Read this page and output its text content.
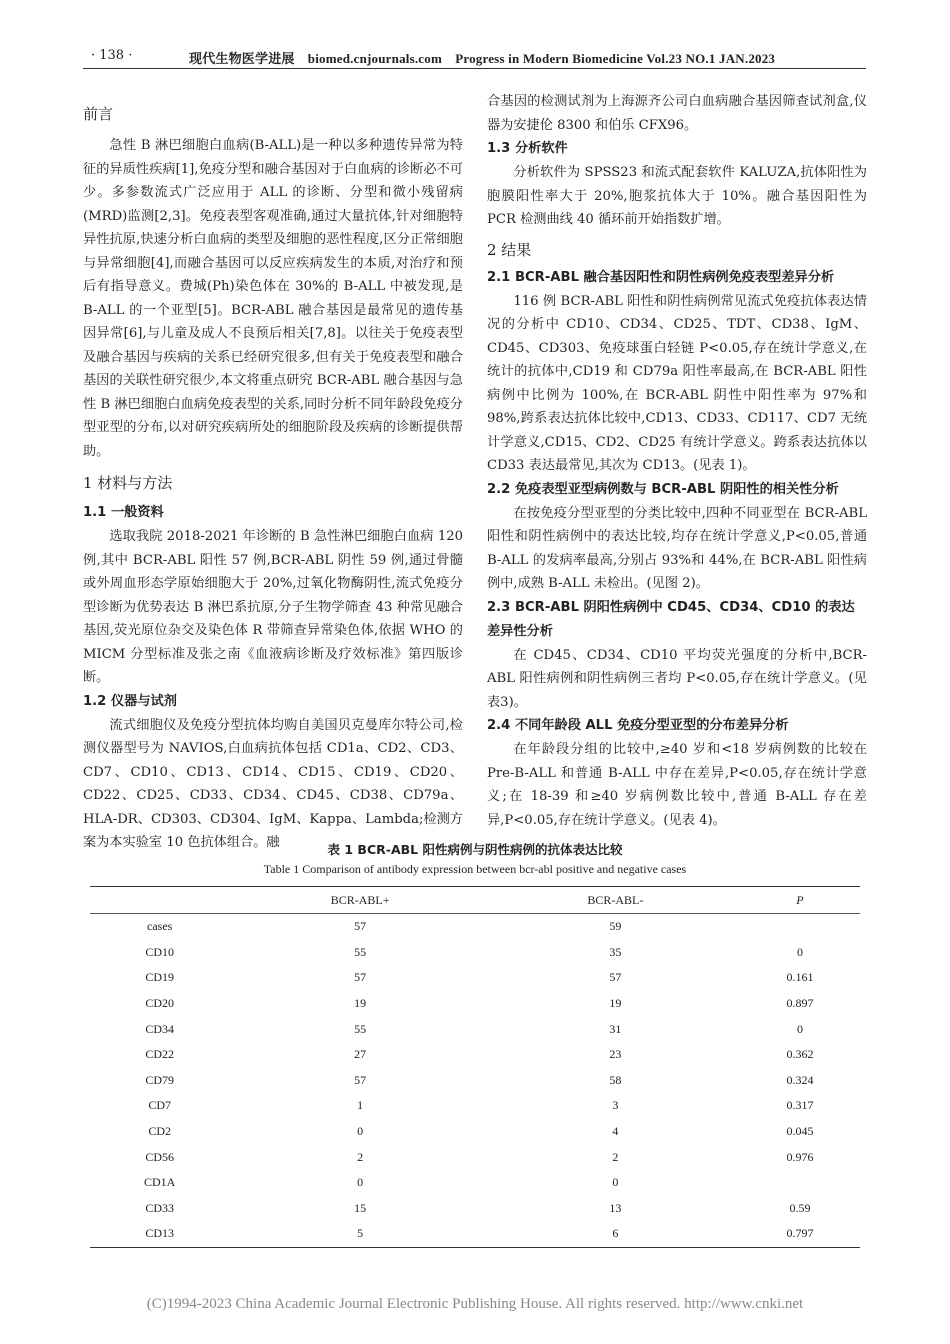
· 138 ·	现代生物医学进展　biomed.cnjournals.com　Progress in Modern Biomedicine Vol.23 NO.1 JAN.2023
前言

急性 B 淋巴细胞白血病(B-ALL)是一种以多种遗传异常为特征的异质性疾病[1],免疫分型和融合基因对于白血病的诊断必不可少。多参数流式广泛应用于 ALL 的诊断、分型和微小残留病(MRD)监测[2,3]。免疫表型客观准确,通过大量抗体,针对细胞特异性抗原,快速分析白血病的类型及细胞的恶性程度,区分正常细胞与异常细胞[4],而融合基因可以反应疾病发生的本质,对治疗和预后有指导意义。费城(Ph)染色体在 30%的 B-ALL 中被发现,是 B-ALL 的一个亚型[5]。BCR-ABL 融合基因是最常见的遗传基因异常[6],与儿童及成人不良预后相关[7,8]。以往关于免疫表型及融合基因与疾病的关系已经研究很多,但有关于免疫表型和融合基因的关联性研究很少,本文将重点研究 BCR-ABL 融合基因与急性 B 淋巴细胞白血病免疫表型的关系,同时分析不同年龄段免疫分型亚型的分布,以对研究疾病所处的细胞阶段及疾病的诊断提供帮助。

1 材料与方法
1.1 一般资料

选取我院 2018-2021 年诊断的 B 急性淋巴细胞白血病 120 例,其中 BCR-ABL 阳性 57 例,BCR-ABL 阴性 59 例,通过骨髓或外周血形态学原始细胞大于 20%,过氧化物酶阴性,流式免疫分型诊断为优势表达 B 淋巴系抗原,分子生物学筛查 43 种常见融合基因,荧光原位杂交及染色体 R 带筛查异常染色体,依据 WHO 的 MICM 分型标准及张之南《血液病诊断及疗效标准》第四版诊断。

1.2 仪器与试剂

流式细胞仪及免疫分型抗体均购自美国贝克曼库尔特公司,检测仪器型号为 NAVIOS,白血病抗体包括 CD1a、CD2、CD3、CD7、CD10、CD13、CD14、CD15、CD19、CD20、CD22、CD25、CD33、CD34、CD45、CD38、CD79a、HLA-DR、CD303、CD304、IgM、Kappa、Lambda;检测方案为本实验室 10 色抗体组合。融

合基因的检测试剂为上海源齐公司白血病融合基因筛查试剂盒,仪器为安捷伦 8300 和伯乐 CFX96。

1.3 分析软件

分析软件为 SPSS23 和流式配套软件 KALUZA,抗体阳性为胞膜阳性率大于 20%,胞浆抗体大于 10%。融合基因阳性为 PCR 检测曲线 40 循环前开始指数扩增。

2 结果
2.1 BCR-ABL 融合基因阳性和阴性病例免疫表型差异分析

116 例 BCR-ABL 阳性和阴性病例常见流式免疫抗体表达情况的分析中 CD10、CD34、CD25、TDT、CD38、IgM、CD45、CD303、免疫球蛋白轻链 P<0.05,存在统计学意义,在统计的抗体中,CD19 和 CD79a 阳性率最高,在 BCR-ABL 阳性病例中比例为 100%,在 BCR-ABL 阴性中阳性率为 97%和 98%,跨系表达抗体比较中,CD13、CD33、CD117、CD7 无统计学意义,CD15、CD2、CD25 有统计学意义。跨系表达抗体以 CD33 表达最常见,其次为 CD13。(见表 1)。

2.2 免疫表型亚型病例数与 BCR-ABL 阴阳性的相关性分析

在按免疫分型亚型的分类比较中,四种不同亚型在 BCR-ABL 阳性和阴性病例中的表达比较,均存在统计学意义,P<0.05,普通 B-ALL 的发病率最高,分别占 93%和 44%,在 BCR-ABL 阳性病例中,成熟 B-ALL 未检出。(见图 2)。

2.3 BCR-ABL 阴阳性病例中 CD45、CD34、CD10 的表达差异性分析

在 CD45、CD34、CD10 平均荧光强度的分析中,BCR-ABL 阳性病例和阴性病例三者均 P<0.05,存在统计学意义。(见表3)。

2.4 不同年龄段 ALL 免疫分型亚型的分布差异分析

在年龄段分组的比较中,≥40 岁和<18 岁病例数的比较在 Pre-B-ALL 和普通 B-ALL 中存在差异,P<0.05,存在统计学意义;在 18-39 和≥40 岁病例数比较中,普通 B-ALL 存在差异,P<0.05,存在统计学意义。(见表 4)。

表 1 BCR-ABL 阳性病例与阴性病例的抗体表达比较
Table 1 Comparison of antibody expression between bcr-abl positive and negative cases
	BCR-ABL+	BCR-ABL-	P
cases	57	59	
CD10	55	35	0
CD19	57	57	0.161
CD20	19	19	0.897
CD34	55	31	0
CD22	27	23	0.362
CD79	57	58	0.324
CD7	1	3	0.317
CD2	0	4	0.045
CD56	2	2	0.976
CD1A	0	0	
CD33	15	13	0.59
CD13	5	6	0.797
(C)1994-2023 China Academic Journal Electronic Publishing House. All rights reserved. http://www.cnki.net
